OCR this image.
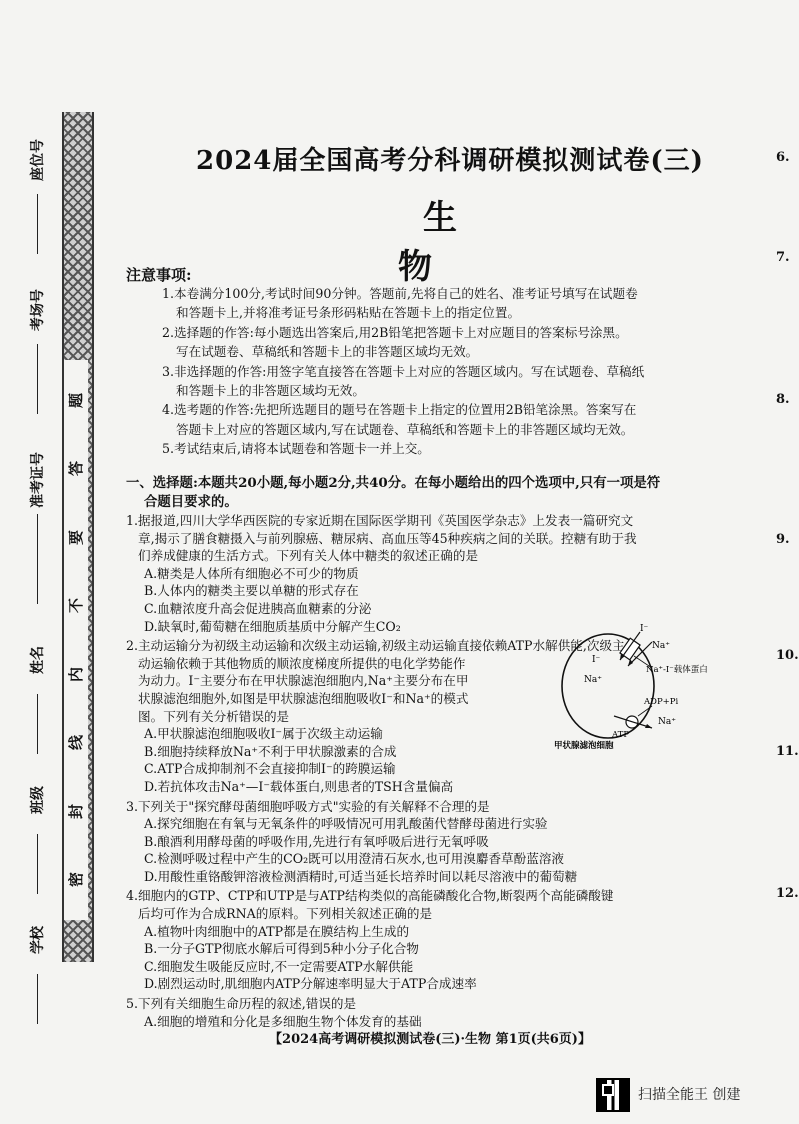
题
答
要
不
内
线
封
密
座位号
考场号
准考证号
姓名
班级
学校
6.
7.
8.
9.
10.
11.
12.
2024届全国高考分科调研模拟测试卷(三)
生物
注意事项:

1.本卷满分100分,考试时间90分钟。答题前,先将自己的姓名、准考证号填写在试题卷

和答题卡上,并将准考证号条形码粘贴在答题卡上的指定位置。

2.选择题的作答:每小题选出答案后,用2B铅笔把答题卡上对应题目的答案标号涂黑。

写在试题卷、草稿纸和答题卡上的非答题区域均无效。

3.非选择题的作答:用签字笔直接答在答题卡上对应的答题区域内。写在试题卷、草稿纸

和答题卡上的非答题区域均无效。

4.选考题的作答:先把所选题目的题号在答题卡上指定的位置用2B铅笔涂黑。答案写在

答题卡上对应的答题区域内,写在试题卷、草稿纸和答题卡上的非答题区域均无效。

5.考试结束后,请将本试题卷和答题卡一并上交。

一、选择题:本题共20小题,每小题2分,共40分。在每小题给出的四个选项中,只有一项是符
合题目要求的。

1.据报道,四川大学华西医院的专家近期在国际医学期刊《英国医学杂志》上发表一篇研究文

章,揭示了膳食糖摄入与前列腺癌、糖尿病、高血压等45种疾病之间的关联。控糖有助于我

们养成健康的生活方式。下列有关人体中糖类的叙述正确的是

A.糖类是人体所有细胞必不可少的物质

B.人体内的糖类主要以单糖的形式存在

C.血糖浓度升高会促进胰高血糖素的分泌

D.缺氧时,葡萄糖在细胞质基质中分解产生CO₂

2.主动运输分为初级主动运输和次级主动运输,初级主动运输直接依赖ATP水解供能,次级主

动运输依赖于其他物质的顺浓度梯度所提供的电化学势能作

为动力。I⁻主要分布在甲状腺滤泡细胞内,Na⁺主要分布在甲

状腺滤泡细胞外,如图是甲状腺滤泡细胞吸收I⁻和Na⁺的模式

图。下列有关分析错误的是

A.甲状腺滤泡细胞吸收I⁻属于次级主动运输

B.细胞持续释放Na⁺不利于甲状腺激素的合成

C.ATP合成抑制剂不会直接抑制I⁻的跨膜运输

D.若抗体攻击Na⁺—I⁻载体蛋白,则患者的TSH含量偏高

3.下列关于"探究酵母菌细胞呼吸方式"实验的有关解释不合理的是

A.探究细胞在有氧与无氧条件的呼吸情况可用乳酸菌代替酵母菌进行实验

B.酿酒利用酵母菌的呼吸作用,先进行有氧呼吸后进行无氧呼吸

C.检测呼吸过程中产生的CO₂既可以用澄清石灰水,也可用溴麝香草酚蓝溶液

D.用酸性重铬酸钾溶液检测酒精时,可适当延长培养时间以耗尽溶液中的葡萄糖

4.细胞内的GTP、CTP和UTP是与ATP结构类似的高能磷酸化合物,断裂两个高能磷酸键

后均可作为合成RNA的原料。下列相关叙述正确的是

A.植物叶肉细胞中的ATP都是在膜结构上生成的

B.一分子GTP彻底水解后可得到5种小分子化合物

C.细胞发生吸能反应时,不一定需要ATP水解供能

D.剧烈运动时,肌细胞内ATP分解速率明显大于ATP合成速率

5.下列有关细胞生命历程的叙述,错误的是

A.细胞的增殖和分化是多细胞生物个体发育的基础

I⁻
Na⁺
I⁻
Na⁺
Na⁺-I⁻载体蛋白
ADP+Pi
Na⁺
ATP
甲状腺滤泡细胞
【2024高考调研模拟测试卷(三)·生物 第1页(共6页)】
扫描全能王 创建
